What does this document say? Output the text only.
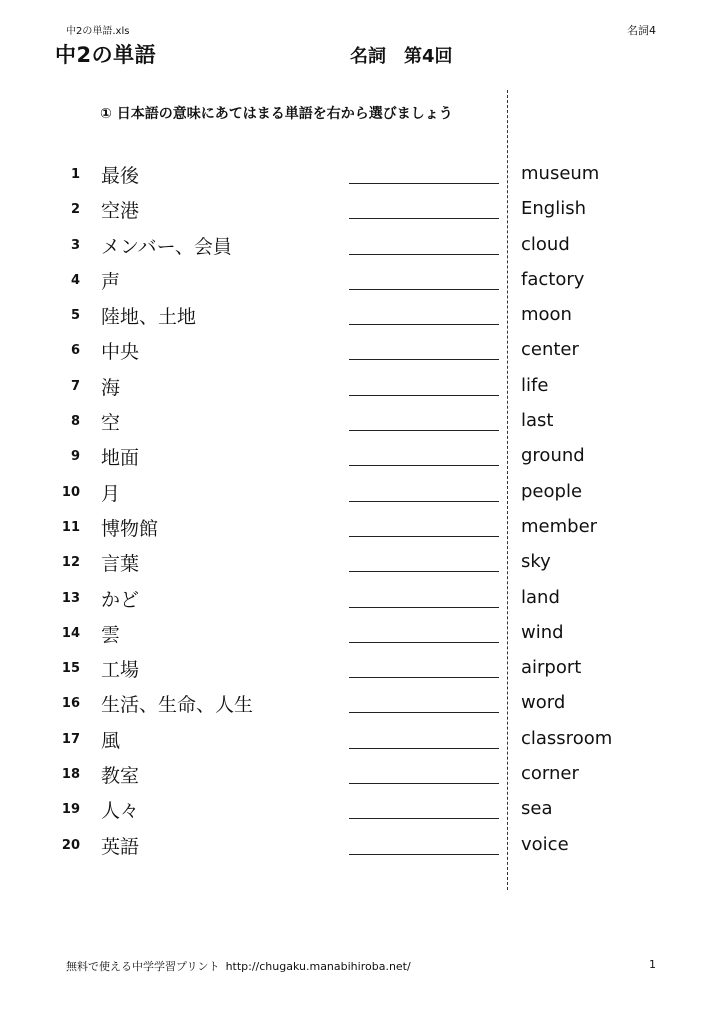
中2の単語.xls	名詞4
中2の単語	名詞　第4回
① 日本語の意味にあてはまる単語を右から選びましょう
1 最後	museum
2 空港	English
3 メンバー、会員	cloud
4 声	factory
5 陸地、土地	moon
6 中央	center
7 海	life
8 空	last
9 地面	ground
10 月	people
11 博物館	member
12 言葉	sky
13 かど	land
14 雲	wind
15 工場	airport
16 生活、生命、人生	word
17 風	classroom
18 教室	corner
19 人々	sea
20 英語	voice
無料で使える中学学習プリント http://chugaku.manabihiroba.net/	1
